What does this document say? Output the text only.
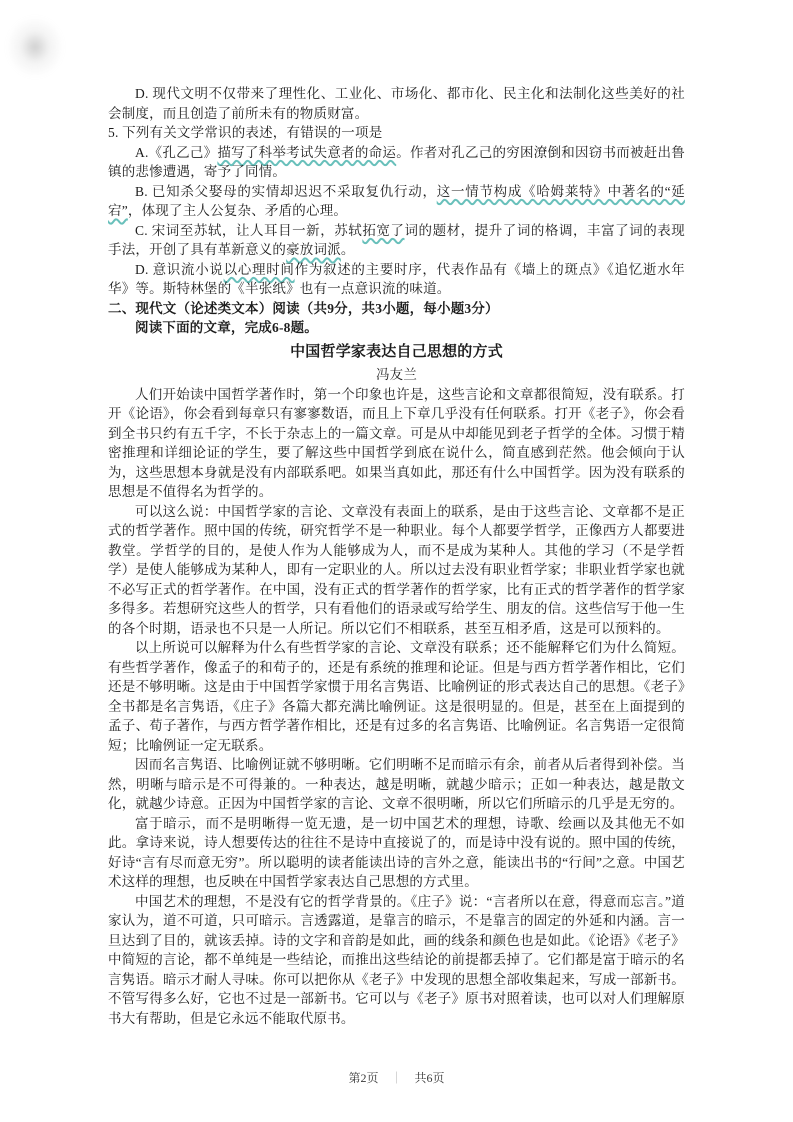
D. 现代文明不仅带来了理性化、工业化、市场化、都市化、民主化和法制化这些美好的社会制度，而且创造了前所未有的物质财富。

5. 下列有关文学常识的表述，有错误的一项是

A.《孔乙己》描写了科举考试失意者的命运。作者对孔乙己的穷困潦倒和因窃书而被赶出鲁镇的悲惨遭遇，寄予了同情。

B. 已知杀父娶母的实情却迟迟不采取复仇行动，这一情节构成《哈姆莱特》中著名的“延宕”，体现了主人公复杂、矛盾的心理。

C. 宋词至苏轼，让人耳目一新，苏轼拓宽了词的题材，提升了词的格调，丰富了词的表现手法，开创了具有革新意义的豪放词派。

D. 意识流小说以心理时间作为叙述的主要时序，代表作品有《墙上的斑点》《追忆逝水年华》等。斯特林堡的《半张纸》也有一点意识流的味道。

二、现代文（论述类文本）阅读（共9分，共3小题，每小题3分）

阅读下面的文章，完成6-8题。

中国哲学家表达自己思想的方式

冯友兰

人们开始读中国哲学著作时，第一个印象也许是，这些言论和文章都很简短，没有联系。打开《论语》，你会看到每章只有寥寥数语，而且上下章几乎没有任何联系。打开《老子》，你会看到全书只约有五千字，不长于杂志上的一篇文章。可是从中却能见到老子哲学的全体。习惯于精密推理和详细论证的学生，要了解这些中国哲学到底在说什么，简直感到茫然。他会倾向于认为，这些思想本身就是没有内部联系吧。如果当真如此，那还有什么中国哲学。因为没有联系的思想是不值得名为哲学的。

可以这么说：中国哲学家的言论、文章没有表面上的联系，是由于这些言论、文章都不是正式的哲学著作。照中国的传统，研究哲学不是一种职业。每个人都要学哲学，正像西方人都要进教堂。学哲学的目的，是使人作为人能够成为人，而不是成为某种人。其他的学习（不是学哲学）是使人能够成为某种人，即有一定职业的人。所以过去没有职业哲学家；非职业哲学家也就不必写正式的哲学著作。在中国，没有正式的哲学著作的哲学家，比有正式的哲学著作的哲学家多得多。若想研究这些人的哲学，只有看他们的语录或写给学生、朋友的信。这些信写于他一生的各个时期，语录也不只是一人所记。所以它们不相联系，甚至互相矛盾，这是可以预料的。

以上所说可以解释为什么有些哲学家的言论、文章没有联系；还不能解释它们为什么简短。有些哲学著作，像孟子的和荀子的，还是有系统的推理和论证。但是与西方哲学著作相比，它们还是不够明晰。这是由于中国哲学家惯于用名言隽语、比喻例证的形式表达自己的思想。《老子》全书都是名言隽语，《庄子》各篇大都充满比喻例证。这是很明显的。但是，甚至在上面提到的孟子、荀子著作，与西方哲学著作相比，还是有过多的名言隽语、比喻例证。名言隽语一定很简短；比喻例证一定无联系。

因而名言隽语、比喻例证就不够明晰。它们明晰不足而暗示有余，前者从后者得到补偿。当然，明晰与暗示是不可得兼的。一种表达，越是明晰，就越少暗示；正如一种表达，越是散文化，就越少诗意。正因为中国哲学家的言论、文章不很明晰，所以它们所暗示的几乎是无穷的。

富于暗示，而不是明晰得一览无遗，是一切中国艺术的理想，诗歌、绘画以及其他无不如此。拿诗来说，诗人想要传达的往往不是诗中直接说了的，而是诗中没有说的。照中国的传统，好诗“言有尽而意无穷”。所以聪明的读者能读出诗的言外之意，能读出书的“行间”之意。中国艺术这样的理想，也反映在中国哲学家表达自己思想的方式里。

中国艺术的理想，不是没有它的哲学背景的。《庄子》说：“言者所以在意，得意而忘言。”道家认为，道不可道，只可暗示。言透露道，是靠言的暗示，不是靠言的固定的外延和内涵。言一旦达到了目的，就该丢掉。诗的文字和音韵是如此，画的线条和颜色也是如此。《论语》《老子》中简短的言论，都不单纯是一些结论，而推出这些结论的前提都丢掉了。它们都是富于暗示的名言隽语。暗示才耐人寻味。你可以把你从《老子》中发现的思想全部收集起来，写成一部新书。不管写得多么好，它也不过是一部新书。它可以与《老子》原书对照着读，也可以对人们理解原书大有帮助，但是它永远不能取代原书。

第2页 ｜ 共6页
